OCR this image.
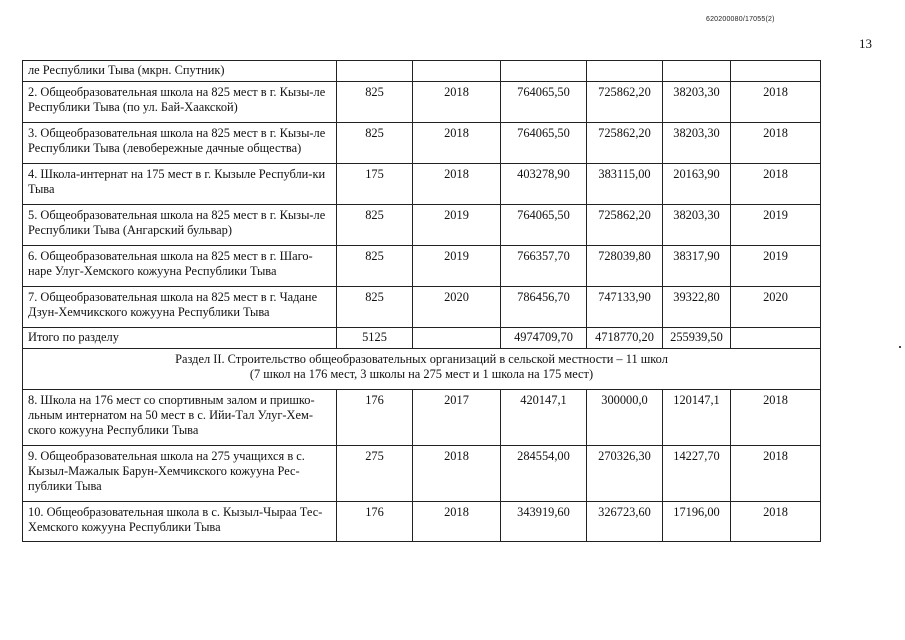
620200080/17055(2)
13
ле Республики Тыва (мкрн. Спутник)						
2. Общеобразовательная школа на 825 мест в г. Кызы-ле Республики Тыва (по ул. Бай-Хаакской)	825	2018	764065,50	725862,20	38203,30	2018
3. Общеобразовательная школа на 825 мест в г. Кызы-ле Республики Тыва (левобережные дачные общества)	825	2018	764065,50	725862,20	38203,30	2018
4. Школа-интернат на 175 мест в г. Кызыле Республи-ки Тыва	175	2018	403278,90	383115,00	20163,90	2018
5. Общеобразовательная школа на 825 мест в г. Кызы-ле Республики Тыва (Ангарский бульвар)	825	2019	764065,50	725862,20	38203,30	2019
6. Общеобразовательная школа на 825 мест в г. Шаго-наре Улуг-Хемского кожууна Республики Тыва	825	2019	766357,70	728039,80	38317,90	2019
7. Общеобразовательная школа на 825 мест в г. Чадане Дзун-Хемчикского кожууна Республики Тыва	825	2020	786456,70	747133,90	39322,80	2020
Итого по разделу	5125		4974709,70	4718770,20	255939,50	

Раздел II. Строительство общеобразовательных организаций в сельской местности – 11 школ
(7 школ на 176 мест, 3 школы на 275 мест и 1 школа на 175 мест)						

8. Школа на 176 мест со спортивным залом и пришко-льным интернатом на 50 мест в с. Ийи-Тал Улуг-Хем-ского кожууна Республики Тыва	176	2017	420147,1	300000,0	120147,1	2018
9. Общеобразовательная школа на 275 учащихся в с. Кызыл-Мажалык Барун-Хемчикского кожууна Рес-публики Тыва	275	2018	284554,00	270326,30	14227,70	2018
10. Общеобразовательная школа в с. Кызыл-Чыраа Тес-Хемского кожууна Республики Тыва	176	2018	343919,60	326723,60	17196,00	2018
